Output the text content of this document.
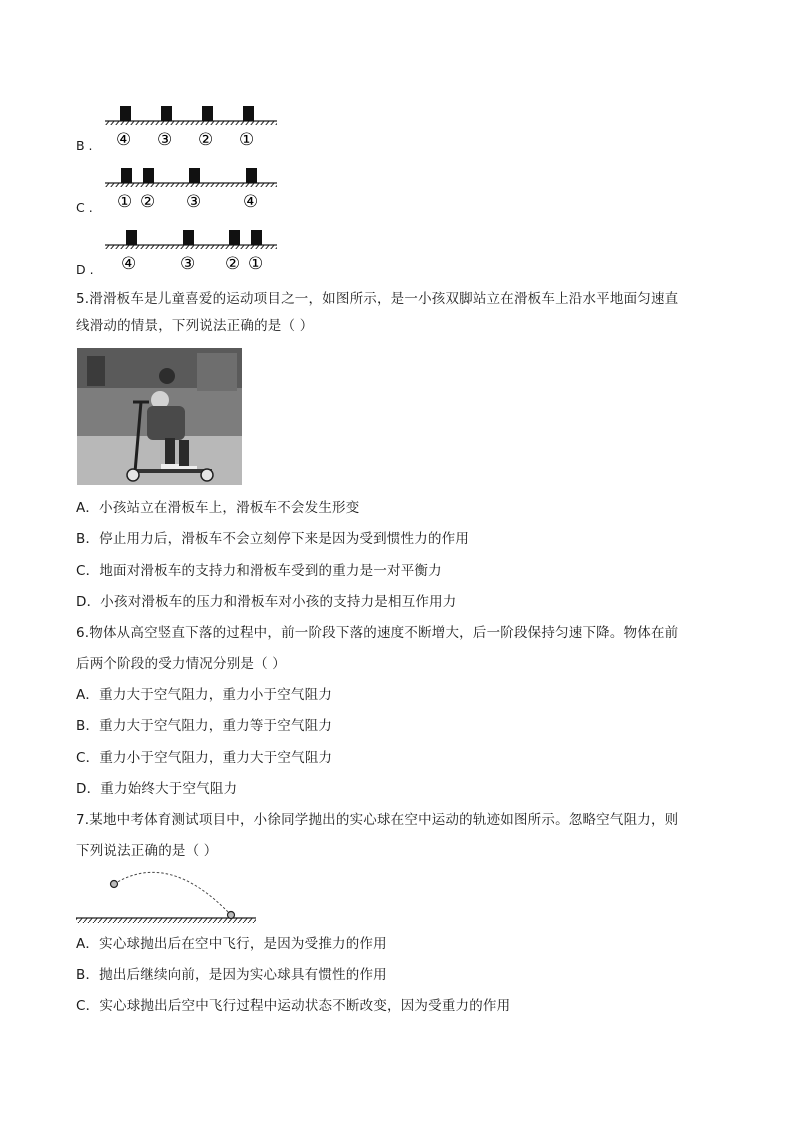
B . ④ ③ ② ①
C . ① ② ③ ④
D . ④	③ ② ①
5.滑滑板车是儿童喜爱的运动项目之一，如图所示，是一小孩双脚站立在滑板车上沿水平地面匀速直
线滑动的情景，下列说法正确的是（ ）
A．小孩站立在滑板车上，滑板车不会发生形变
B．停止用力后，滑板车不会立刻停下来是因为受到惯性力的作用
C．地面对滑板车的支持力和滑板车受到的重力是一对平衡力
D．小孩对滑板车的压力和滑板车对小孩的支持力是相互作用力
6.物体从高空竖直下落的过程中，前一阶段下落的速度不断增大，后一阶段保持匀速下降。物体在前
后两个阶段的受力情况分别是（ ）
A．重力大于空气阻力，重力小于空气阻力
B．重力大于空气阻力，重力等于空气阻力
C．重力小于空气阻力，重力大于空气阻力
D．重力始终大于空气阻力
7.某地中考体育测试项目中，小徐同学抛出的实心球在空中运动的轨迹如图所示。忽略空气阻力，则
下列说法正确的是（ ）
A．实心球抛出后在空中飞行，是因为受推力的作用
B．抛出后继续向前，是因为实心球具有惯性的作用
C．实心球抛出后空中飞行过程中运动状态不断改变，因为受重力的作用
